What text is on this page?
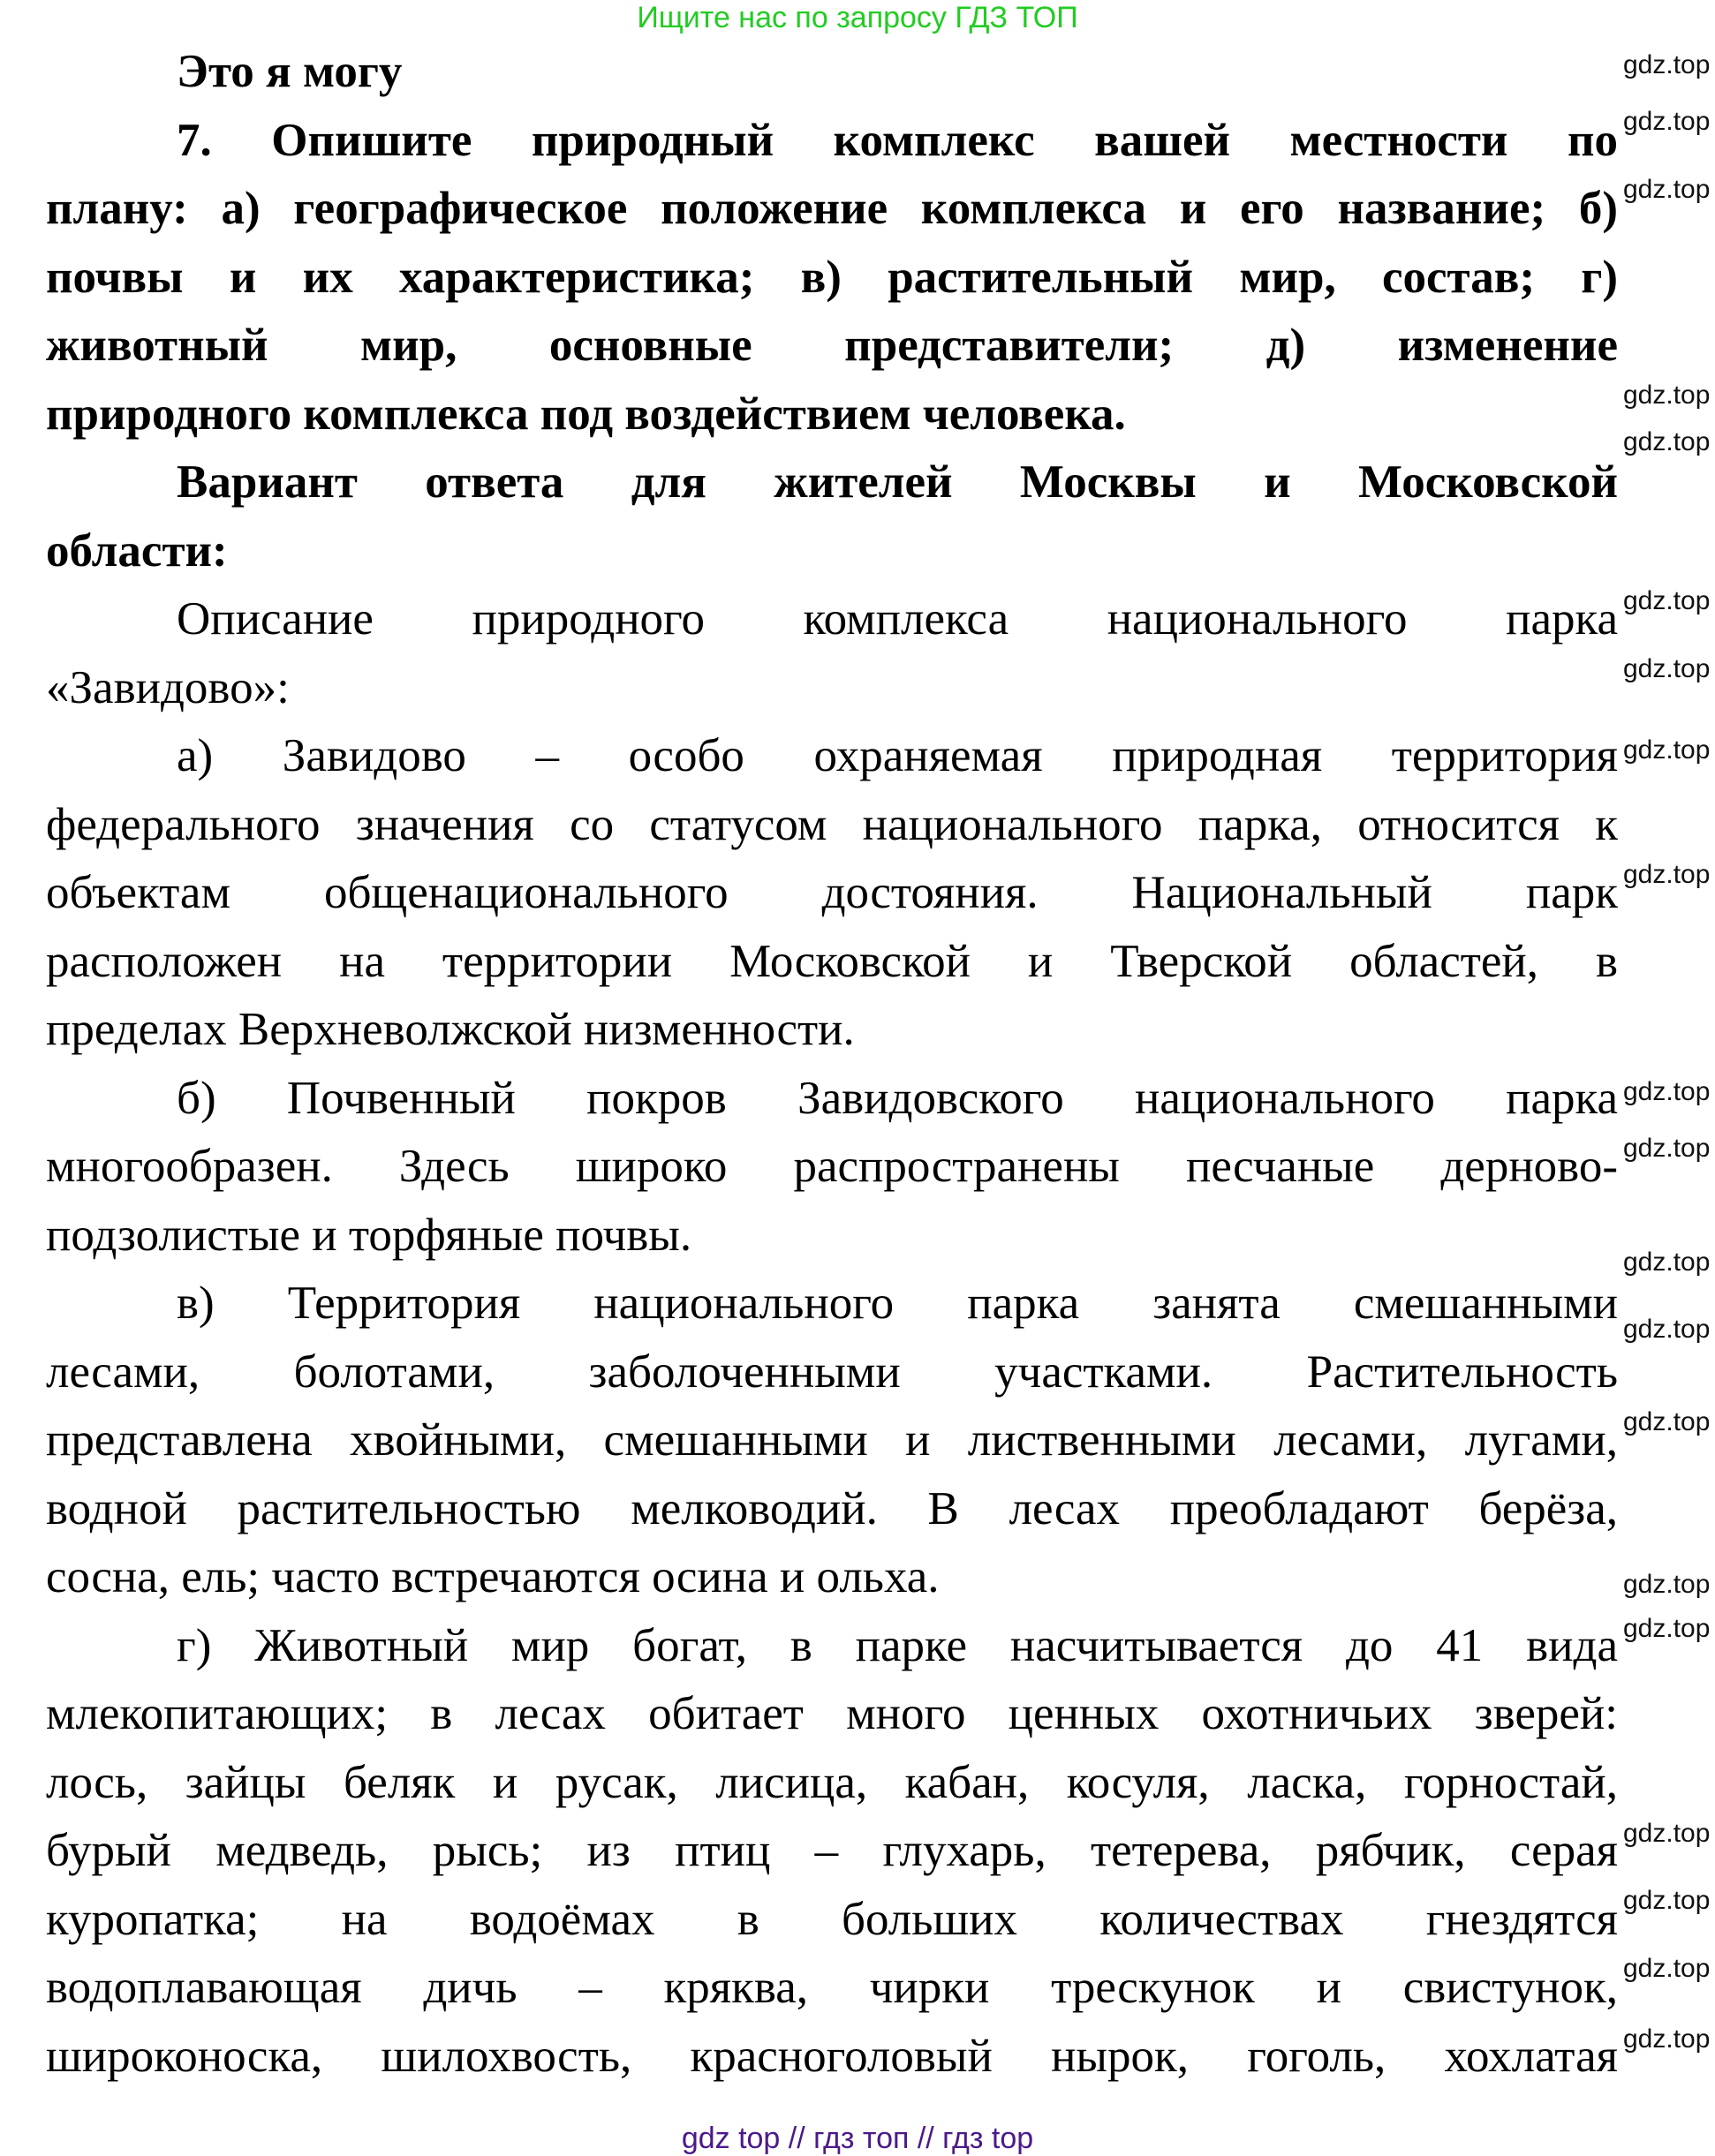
Ищите нас по запросу ГДЗ ТОП
Это я могу
7. Опишите природный комплекс вашей местности по
плану: а) географическое положение комплекса и его название; б)
почвы и их характеристика; в) растительный мир, состав; г)
животный мир, основные представители; д) изменение
природного комплекса под воздействием человека.
Вариант ответа для жителей Москвы и Московской
области:
Описание природного комплекса национального парка
«Завидово»:
а) Завидово – особо охраняемая природная территория
федерального значения со статусом национального парка, относится к
объектам общенационального достояния. Национальный парк
расположен на территории Московской и Тверской областей, в
пределах Верхневолжской низменности.
б) Почвенный покров Завидовского национального парка
многообразен. Здесь широко распространены песчаные дерново-
подзолистые и торфяные почвы.
в) Территория национального парка занята смешанными
лесами, болотами, заболоченными участками. Растительность
представлена хвойными, смешанными и лиственными лесами, лугами,
водной растительностью мелководий. В лесах преобладают берёза,
сосна, ель; часто встречаются осина и ольха.
г) Животный мир богат, в парке насчитывается до 41 вида
млекопитающих; в лесах обитает много ценных охотничьих зверей:
лось, зайцы беляк и русак, лисица, кабан, косуля, ласка, горностай,
бурый медведь, рысь; из птиц – глухарь, тетерева, рябчик, серая
куропатка; на водоёмах в больших количествах гнездятся
водоплавающая дичь – кряква, чирки трескунок и свистунок,
широконоска, шилохвость, красноголовый нырок, гоголь, хохлатая
gdz.top
gdz.top
gdz.top
gdz.top
gdz.top
gdz.top
gdz.top
gdz.top
gdz.top
gdz.top
gdz.top
gdz.top
gdz.top
gdz.top
gdz.top
gdz.top
gdz.top
gdz.top
gdz.top
gdz.top
gdz top // гдз топ // гдз top
